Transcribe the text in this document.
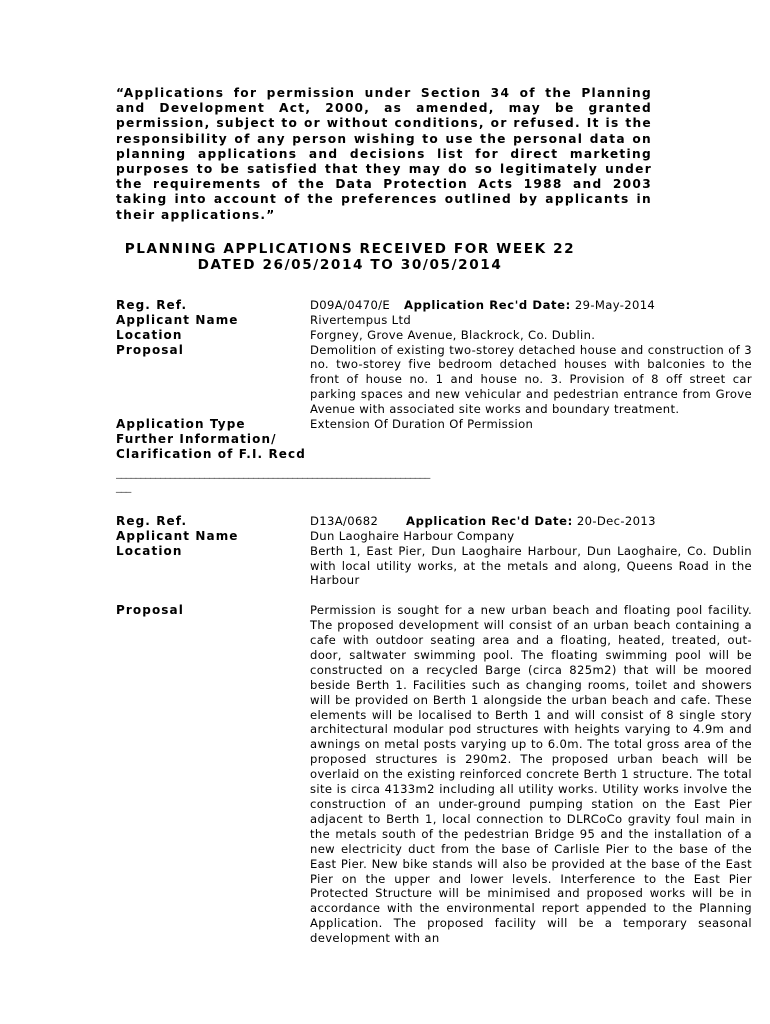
“Applications for permission under Section 34 of the Planning and Development Act, 2000, as amended, may be granted permission, subject to or without conditions, or refused. It is the responsibility of any person wishing to use the personal data on planning applications and decisions list for direct marketing purposes to be satisfied that they may do so legitimately under the requirements of the Data Protection Acts 1988 and 2003 taking into account of the preferences outlined by applicants in their applications.”

PLANNING APPLICATIONS RECEIVED FOR WEEK 22
DATED 26/05/2014 TO 30/05/2014
Reg. Ref.	D09A/0470/E Application Rec'd Date: 29-May-2014
Applicant Name	Rivertempus Ltd
Location	Forgney, Grove Avenue, Blackrock, Co. Dublin.
Proposal	Demolition of existing two-storey detached house and construction of 3 no. two-storey five bedroom detached houses with balconies to the front of house no. 1 and house no. 3. Provision of 8 off street car parking spaces and new vehicular and pedestrian entrance from Grove Avenue with associated site works and boundary treatment.
Application Type	Extension Of Duration Of Permission
Further Information/
Clarification of F.I. Recd
________________________________________________________________
___
Reg. Ref.	D13A/0682 Application Rec'd Date: 20-Dec-2013
Applicant Name	Dun Laoghaire Harbour Company
Location	Berth 1, East Pier, Dun Laoghaire Harbour, Dun Laoghaire, Co. Dublin with local utility works, at the metals and along, Queens Road in the Harbour
Proposal	Permission is sought for a new urban beach and floating pool facility. The proposed development will consist of an urban beach containing a cafe with outdoor seating area and a floating, heated, treated, out-door, saltwater swimming pool. The floating swimming pool will be constructed on a recycled Barge (circa 825m2) that will be moored beside Berth 1. Facilities such as changing rooms, toilet and showers will be provided on Berth 1 alongside the urban beach and cafe. These elements will be localised to Berth 1 and will consist of 8 single story architectural modular pod structures with heights varying to 4.9m and awnings on metal posts varying up to 6.0m. The total gross area of the proposed structures is 290m2. The proposed urban beach will be overlaid on the existing reinforced concrete Berth 1 structure. The total site is circa 4133m2 including all utility works. Utility works involve the construction of an under-ground pumping station on the East Pier adjacent to Berth 1, local connection to DLRCoCo gravity foul main in the metals south of the pedestrian Bridge 95 and the installation of a new electricity duct from the base of Carlisle Pier to the base of the East Pier. New bike stands will also be provided at the base of the East Pier on the upper and lower levels. Interference to the East Pier Protected Structure will be minimised and proposed works will be in accordance with the environmental report appended to the Planning Application. The proposed facility will be a temporary seasonal development with an
